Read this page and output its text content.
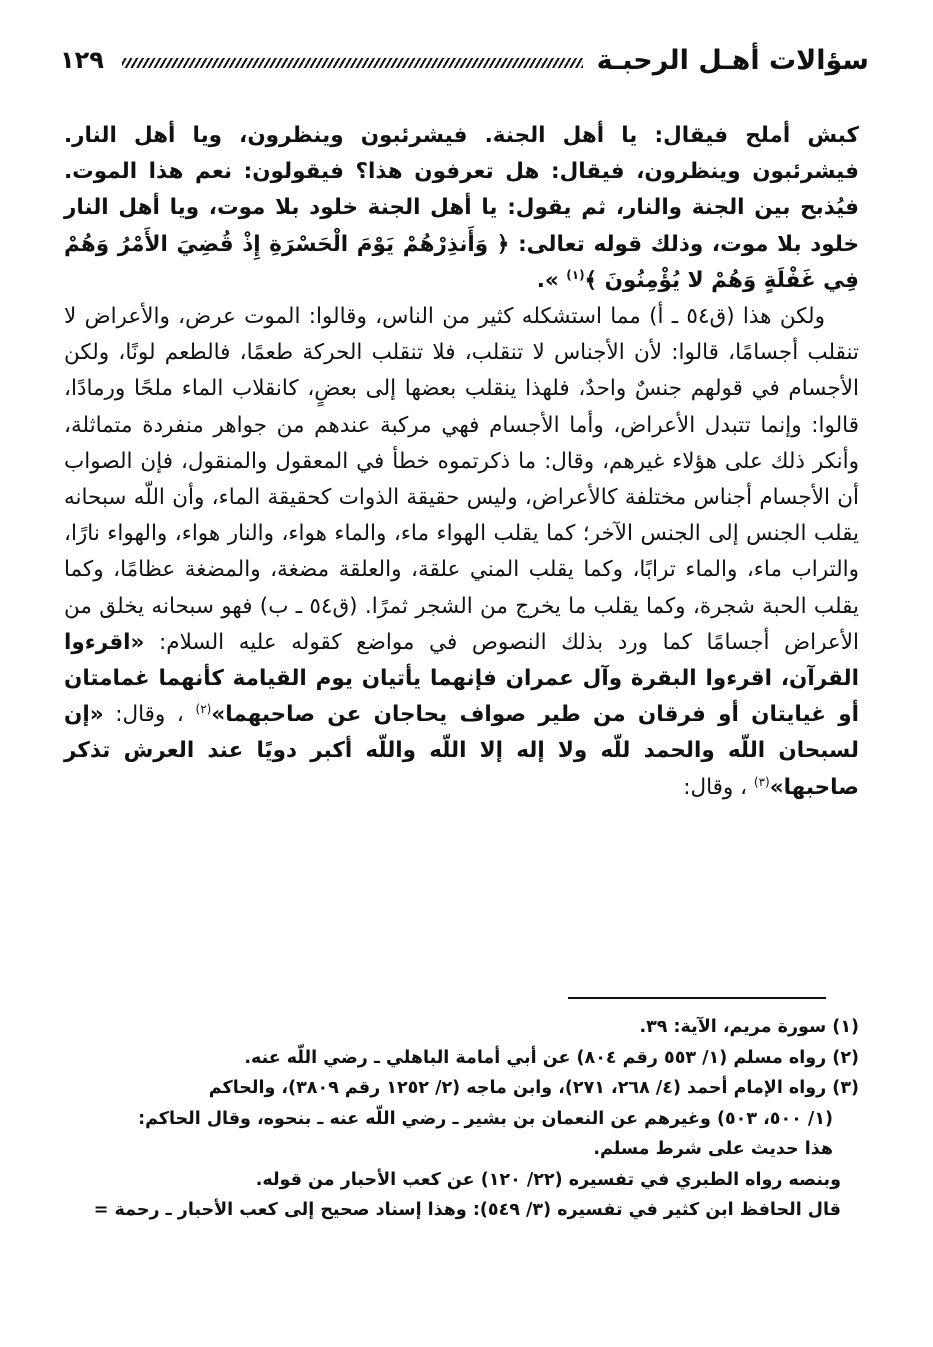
سؤالات أهـل الرحبـة
١٢٩

كبش أملح فيقال: يا أهل الجنة. فيشرئبون وينظرون، ويا أهل النار. فيشرئبون وينظرون، فيقال: هل تعرفون هذا؟ فيقولون: نعم هذا الموت. فيُذبح بين الجنة والنار، ثم يقول: يا أهل الجنة خلود بلا موت، ويا أهل النار خلود بلا موت، وذلك قوله تعالى: ﴿ وَأَنذِرْهُمْ يَوْمَ الْحَسْرَةِ إِذْ قُضِيَ الأَمْرُ وَهُمْ فِي غَفْلَةٍ وَهُمْ لا يُؤْمِنُونَ ﴾$^{(١)}$ ».

ولكن هذا (ق٥٤ ـ أ) مما استشكله كثير من الناس، وقالوا: الموت عرض، والأعراض لا تنقلب أجسامًا، قالوا: لأن الأجناس لا تنقلب، فلا تنقلب الحركة طعمًا، فالطعم لونًا، ولكن الأجسام في قولهم جنسٌ واحدٌ، فلهذا ينقلب بعضها إلى بعضٍ، كانقلاب الماء ملحًا ورمادًا، قالوا: وإنما تتبدل الأعراض، وأما الأجسام فهي مركبة عندهم من جواهر منفردة متماثلة، وأنكر ذلك على هؤلاء غيرهم، وقال: ما ذكرتموه خطأ في المعقول والمنقول، فإن الصواب أن الأجسام أجناس مختلفة كالأعراض، وليس حقيقة الذوات كحقيقة الماء، وأن اللّه سبحانه يقلب الجنس إلى الجنس الآخر؛ كما يقلب الهواء ماء، والماء هواء، والنار هواء، والهواء نارًا، والتراب ماء، والماء ترابًا، وكما يقلب المني علقة، والعلقة مضغة، والمضغة عظامًا، وكما يقلب الحبة شجرة، وكما يقلب ما يخرج من الشجر ثمرًا. (ق٥٤ ـ ب) فهو سبحانه يخلق من الأعراض أجسامًا كما ورد بذلك النصوص في مواضع كقوله عليه السلام: «اقرءوا القرآن، اقرءوا البقرة وآل عمران فإنهما يأتيان يوم القيامة كأنهما غمامتان أو غيايتان أو فرقان من طير صواف يحاجان عن صاحبهما»$^{(٢)}$ ، وقال: «إن لسبحان اللّه والحمد للّه ولا إله إلا اللّه واللّه أكبر دويًا عند العرش تذكر صاحبها»$^{(٣)}$ ، وقال:

(١) سورة مريم، الآية: ٣٩.

(٢) رواه مسلم (١/ ٥٥٣ رقم ٨٠٤) عن أبي أمامة الباهلي ـ رضي اللّه عنه.

(٣) رواه الإمام أحمد (٤/ ٢٦٨، ٢٧١)، وابن ماجه (٢/ ١٢٥٢ رقم ٣٨٠٩)، والحاكم

(١/ ٥٠٠، ٥٠٣) وغيرهم عن النعمان بن بشير ـ رضي اللّه عنه ـ بنحوه، وقال الحاكم:

هذا حديث على شرط مسلم.

وبنصه رواه الطبري في تفسيره (٢٢/ ١٢٠) عن كعب الأحبار من قوله.

قال الحافظ ابن كثير في تفسيره (٣/ ٥٤٩): وهذا إسناد صحيح إلى كعب الأحبار ـ رحمة =
